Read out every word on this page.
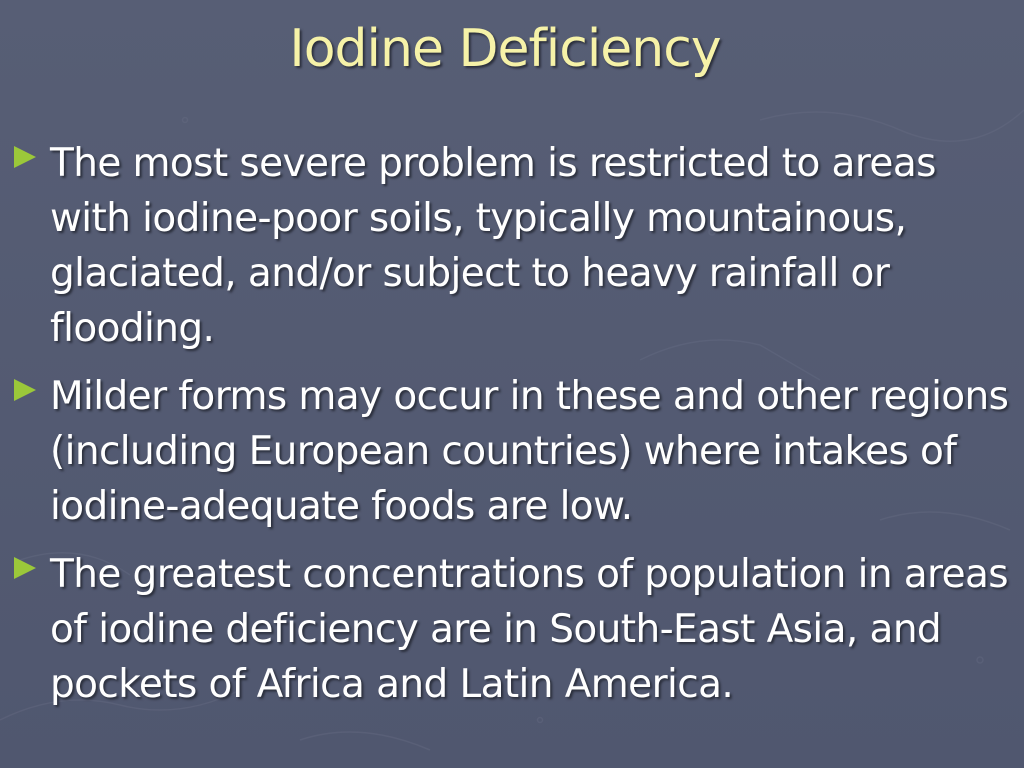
Iodine Deficiency
The most severe problem is restricted to areas with iodine-poor soils, typically mountainous, glaciated, and/or subject to heavy rainfall or flooding.
Milder forms may occur in these and other regions (including European countries) where intakes of iodine-adequate foods are low.
The greatest concentrations of population in areas of iodine deficiency are in South-East Asia, and pockets of Africa and Latin America.
